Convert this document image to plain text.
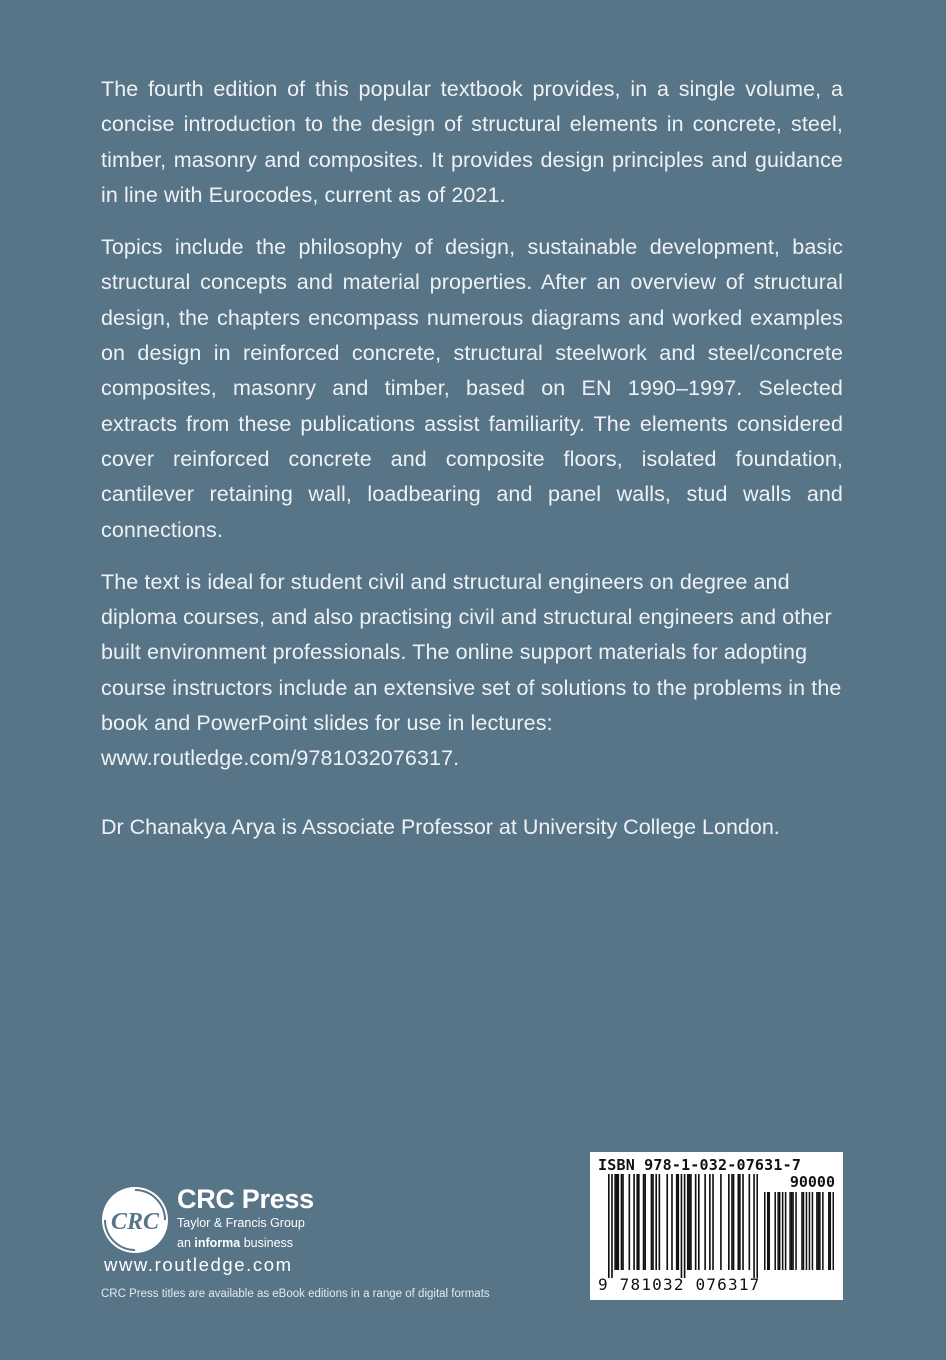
The fourth edition of this popular textbook provides, in a single volume, a concise introduction to the design of structural elements in concrete, steel, timber, masonry and composites. It provides design principles and guidance in line with Eurocodes, current as of 2021.

Topics include the philosophy of design, sustainable development, basic structural concepts and material properties. After an overview of structural design, the chapters encompass numerous diagrams and worked examples on design in reinforced concrete, structural steelwork and steel/concrete composites, masonry and timber, based on EN 1990–1997. Selected extracts from these publications assist familiarity. The elements considered cover reinforced concrete and composite floors, isolated foundation, cantilever retaining wall, loadbearing and panel walls, stud walls and connections.

The text is ideal for student civil and structural engineers on degree and diploma courses, and also practising civil and structural engineers and other built environment professionals. The online support materials for adopting course instructors include an extensive set of solutions to the problems in the book and PowerPoint slides for use in lectures: www.routledge.com/9781032076317.

Dr Chanakya Arya is Associate Professor at University College London.

CRC

CRC Press

Taylor & Francis Group

an informa business

www.routledge.com

CRC Press titles are available as eBook editions in a range of digital formats

ISBN 978-1-032-07631-7

90000

9 781032 076317
